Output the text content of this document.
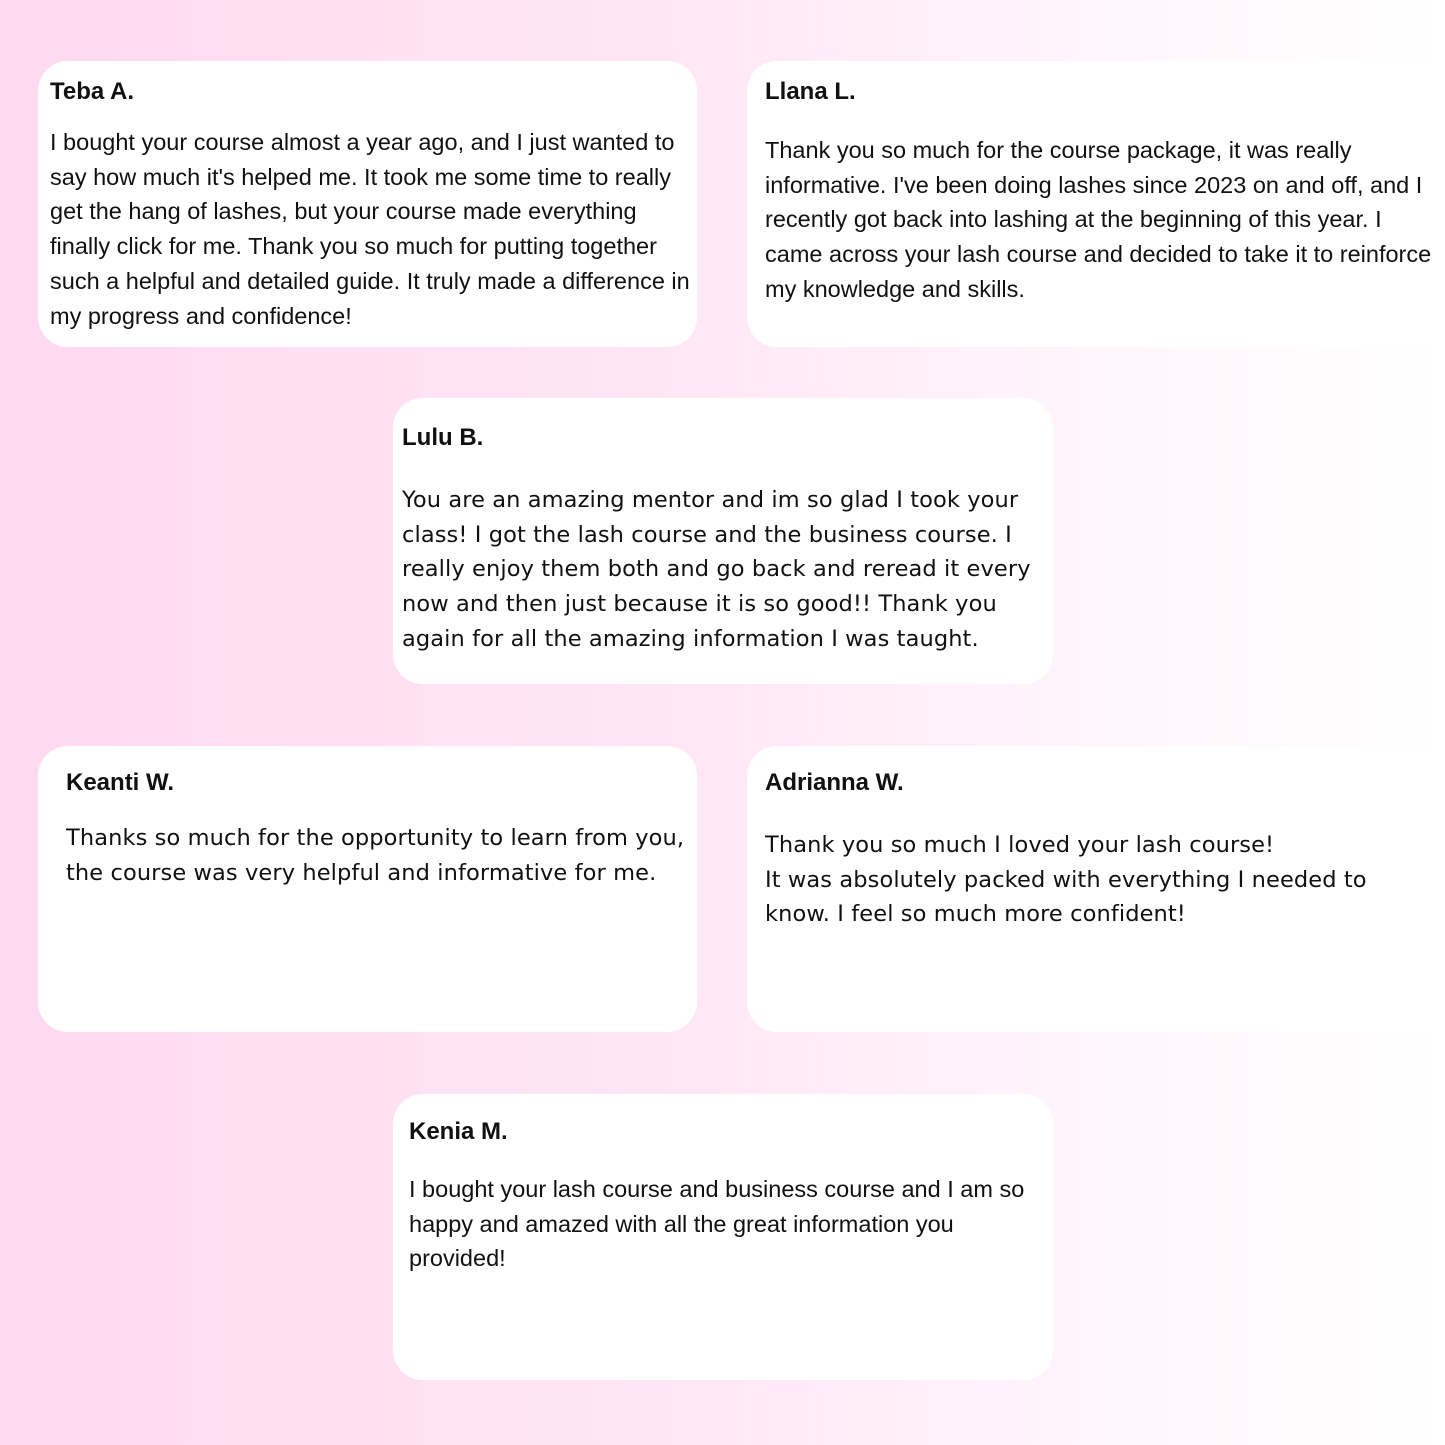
Teba A.

I bought your course almost a year ago, and I just wanted to say how much it's helped me. It took me some time to really get the hang of lashes, but your course made everything finally click for me. Thank you so much for putting together such a helpful and detailed guide. It truly made a difference in my progress and confidence!

Llana L.

Thank you so much for the course package, it was really informative. I've been doing lashes since 2023 on and off, and I recently got back into lashing at the beginning of this year. I came across your lash course and decided to take it to reinforce my knowledge and skills.

Lulu B.

You are an amazing mentor and im so glad I took your class! I got the lash course and the business course. I really enjoy them both and go back and reread it every now and then just because it is so good!! Thank you again for all the amazing information I was taught.

Keanti W.

Thanks so much for the opportunity to learn from you, the course was very helpful and informative for me.

Adrianna W.

Thank you so much I loved your lash course!
It was absolutely packed with everything I needed to know. I feel so much more confident!

Kenia M.

I bought your lash course and business course and I am so happy and amazed with all the great information you provided!
